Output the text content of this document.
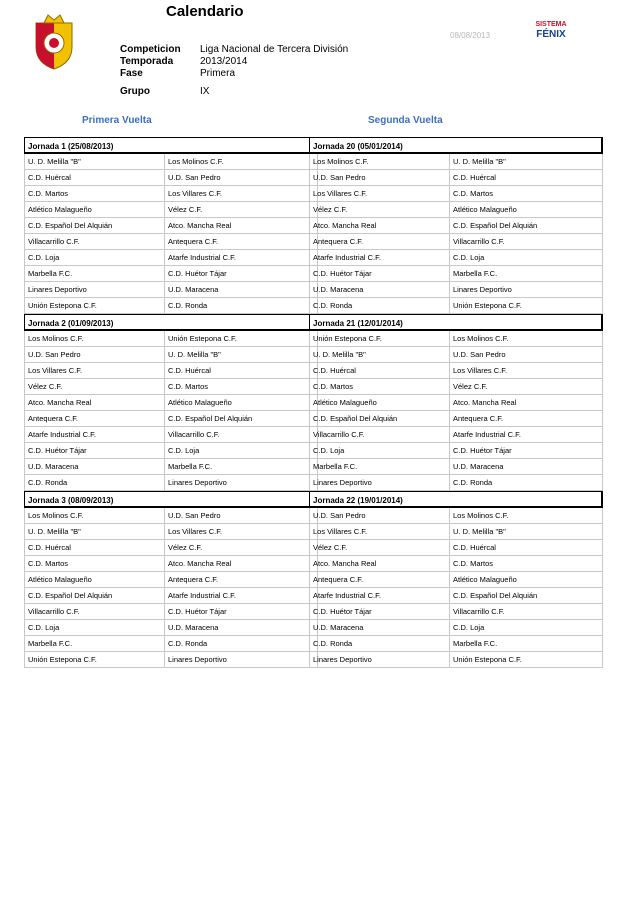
Calendario
08/08/2013
SISTEMA
FÉNIX
Competicion	Liga Nacional de Tercera División
Temporada	2013/2014
Fase	Primera
Grupo	IX
Primera Vuelta	Segunda Vuelta
Jornada 1 (25/08/2013)
U. D. Melilla "B"	Los Molinos C.F.
C.D. Huércal	U.D. San Pedro
C.D. Martos	Los Villares C.F.
Atlético Malagueño	Vélez C.F.
C.D. Español Del Alquián	Atco. Mancha Real
Villacarrillo C.F.	Antequera C.F.
C.D. Loja	Atarfe Industrial C.F.
Marbella F.C.	C.D. Huétor Tájar
Linares Deportivo	U.D. Maracena
Unión Estepona C.F.	C.D. Ronda
Jornada 2 (01/09/2013)
Los Molinos C.F.	Unión Estepona C.F.
U.D. San Pedro	U. D. Melilla "B"
Los Villares C.F.	C.D. Huércal
Vélez C.F.	C.D. Martos
Atco. Mancha Real	Atlético Malagueño
Antequera C.F.	C.D. Español Del Alquián
Atarfe Industrial C.F.	Villacarrillo C.F.
C.D. Huétor Tájar	C.D. Loja
U.D. Maracena	Marbella F.C.
C.D. Ronda	Linares Deportivo
Jornada 3 (08/09/2013)
Los Molinos C.F.	U.D. San Pedro
U. D. Melilla "B"	Los Villares C.F.
C.D. Huércal	Vélez C.F.
C.D. Martos	Atco. Mancha Real
Atlético Malagueño	Antequera C.F.
C.D. Español Del Alquián	Atarfe Industrial C.F.
Villacarrillo C.F.	C.D. Huétor Tájar
C.D. Loja	U.D. Maracena
Marbella F.C.	C.D. Ronda
Unión Estepona C.F.	Linares Deportivo
Jornada 20 (05/01/2014)
Los Molinos C.F.	U. D. Melilla "B"
U.D. San Pedro	C.D. Huércal
Los Villares C.F.	C.D. Martos
Vélez C.F.	Atlético Malagueño
Atco. Mancha Real	C.D. Español Del Alquián
Antequera C.F.	Villacarrillo C.F.
Atarfe Industrial C.F.	C.D. Loja
C.D. Huétor Tájar	Marbella F.C.
U.D. Maracena	Linares Deportivo
C.D. Ronda	Unión Estepona C.F.
Jornada 21 (12/01/2014)
Unión Estepona C.F.	Los Molinos C.F.
U. D. Melilla "B"	U.D. San Pedro
C.D. Huércal	Los Villares C.F.
C.D. Martos	Vélez C.F.
Atlético Malagueño	Atco. Mancha Real
C.D. Español Del Alquián	Antequera C.F.
Villacarrillo C.F.	Atarfe Industrial C.F.
C.D. Loja	C.D. Huétor Tájar
Marbella F.C.	U.D. Maracena
Linares Deportivo	C.D. Ronda
Jornada 22 (19/01/2014)
U.D. San Pedro	Los Molinos C.F.
Los Villares C.F.	U. D. Melilla "B"
Vélez C.F.	C.D. Huércal
Atco. Mancha Real	C.D. Martos
Antequera C.F.	Atlético Malagueño
Atarfe Industrial C.F.	C.D. Español Del Alquián
C.D. Huétor Tájar	Villacarrillo C.F.
U.D. Maracena	C.D. Loja
C.D. Ronda	Marbella F.C.
Linares Deportivo	Unión Estepona C.F.
